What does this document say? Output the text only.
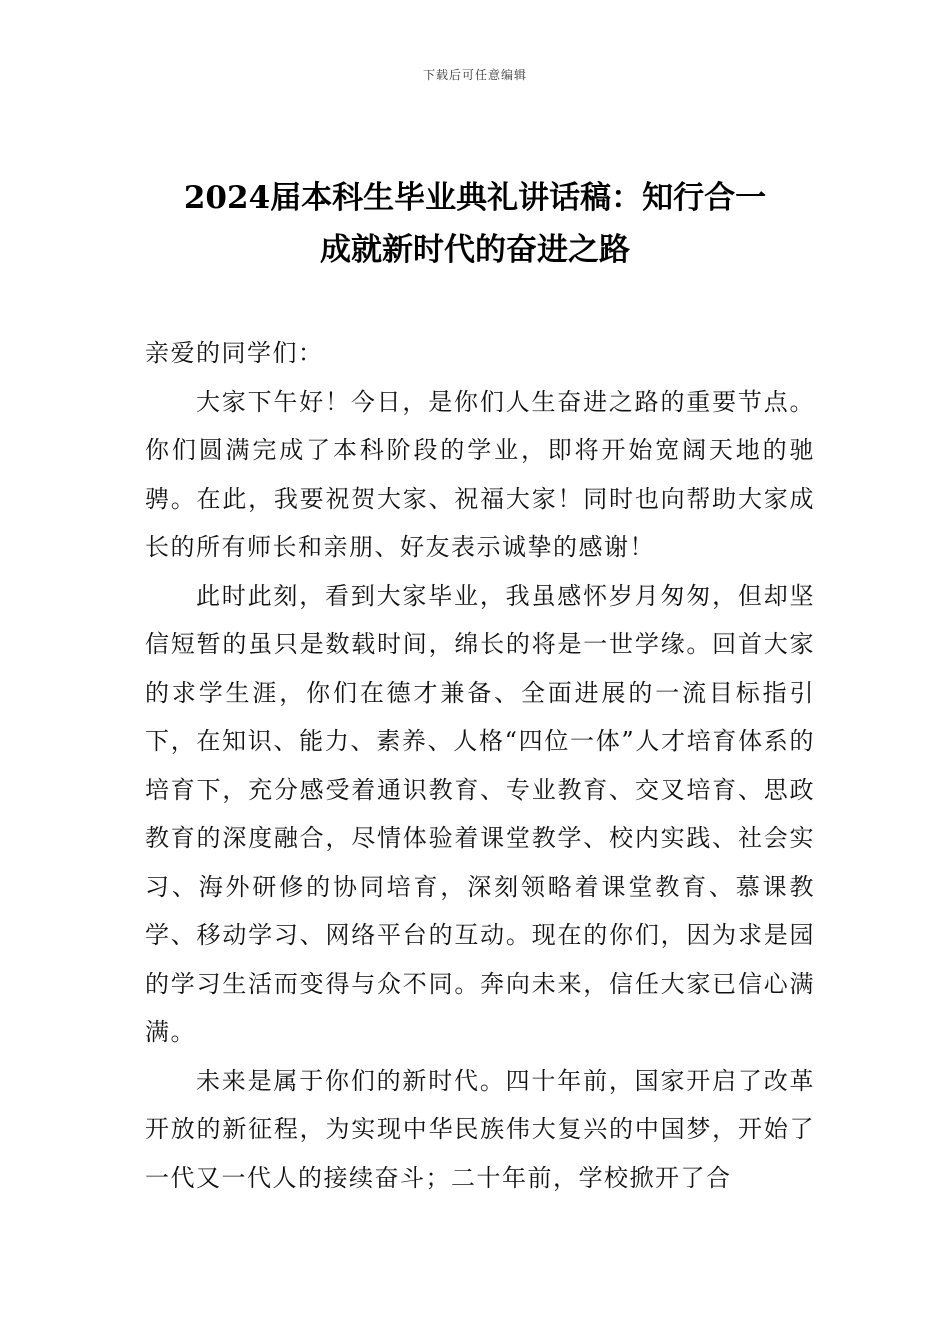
下载后可任意编辑
2024届本科生毕业典礼讲话稿：知行合一
成就新时代的奋进之路

亲爱的同学们：

大家下午好！今日，是你们人生奋进之路的重要节点。你们圆满完成了本科阶段的学业，即将开始宽阔天地的驰骋。在此，我要祝贺大家、祝福大家！同时也向帮助大家成长的所有师长和亲朋、好友表示诚挚的感谢！

此时此刻，看到大家毕业，我虽感怀岁月匆匆，但却坚信短暂的虽只是数载时间，绵长的将是一世学缘。回首大家的求学生涯，你们在德才兼备、全面进展的一流目标指引下，在知识、能力、素养、人格“四位一体”人才培育体系的培育下，充分感受着通识教育、专业教育、交叉培育、思政教育的深度融合，尽情体验着课堂教学、校内实践、社会实习、海外研修的协同培育，深刻领略着课堂教育、慕课教学、移动学习、网络平台的互动。现在的你们，因为求是园的学习生活而变得与众不同。奔向未来，信任大家已信心满满。

未来是属于你们的新时代。四十年前，国家开启了改革开放的新征程，为实现中华民族伟大复兴的中国梦，开始了一代又一代人的接续奋斗；二十年前，学校掀开了合
